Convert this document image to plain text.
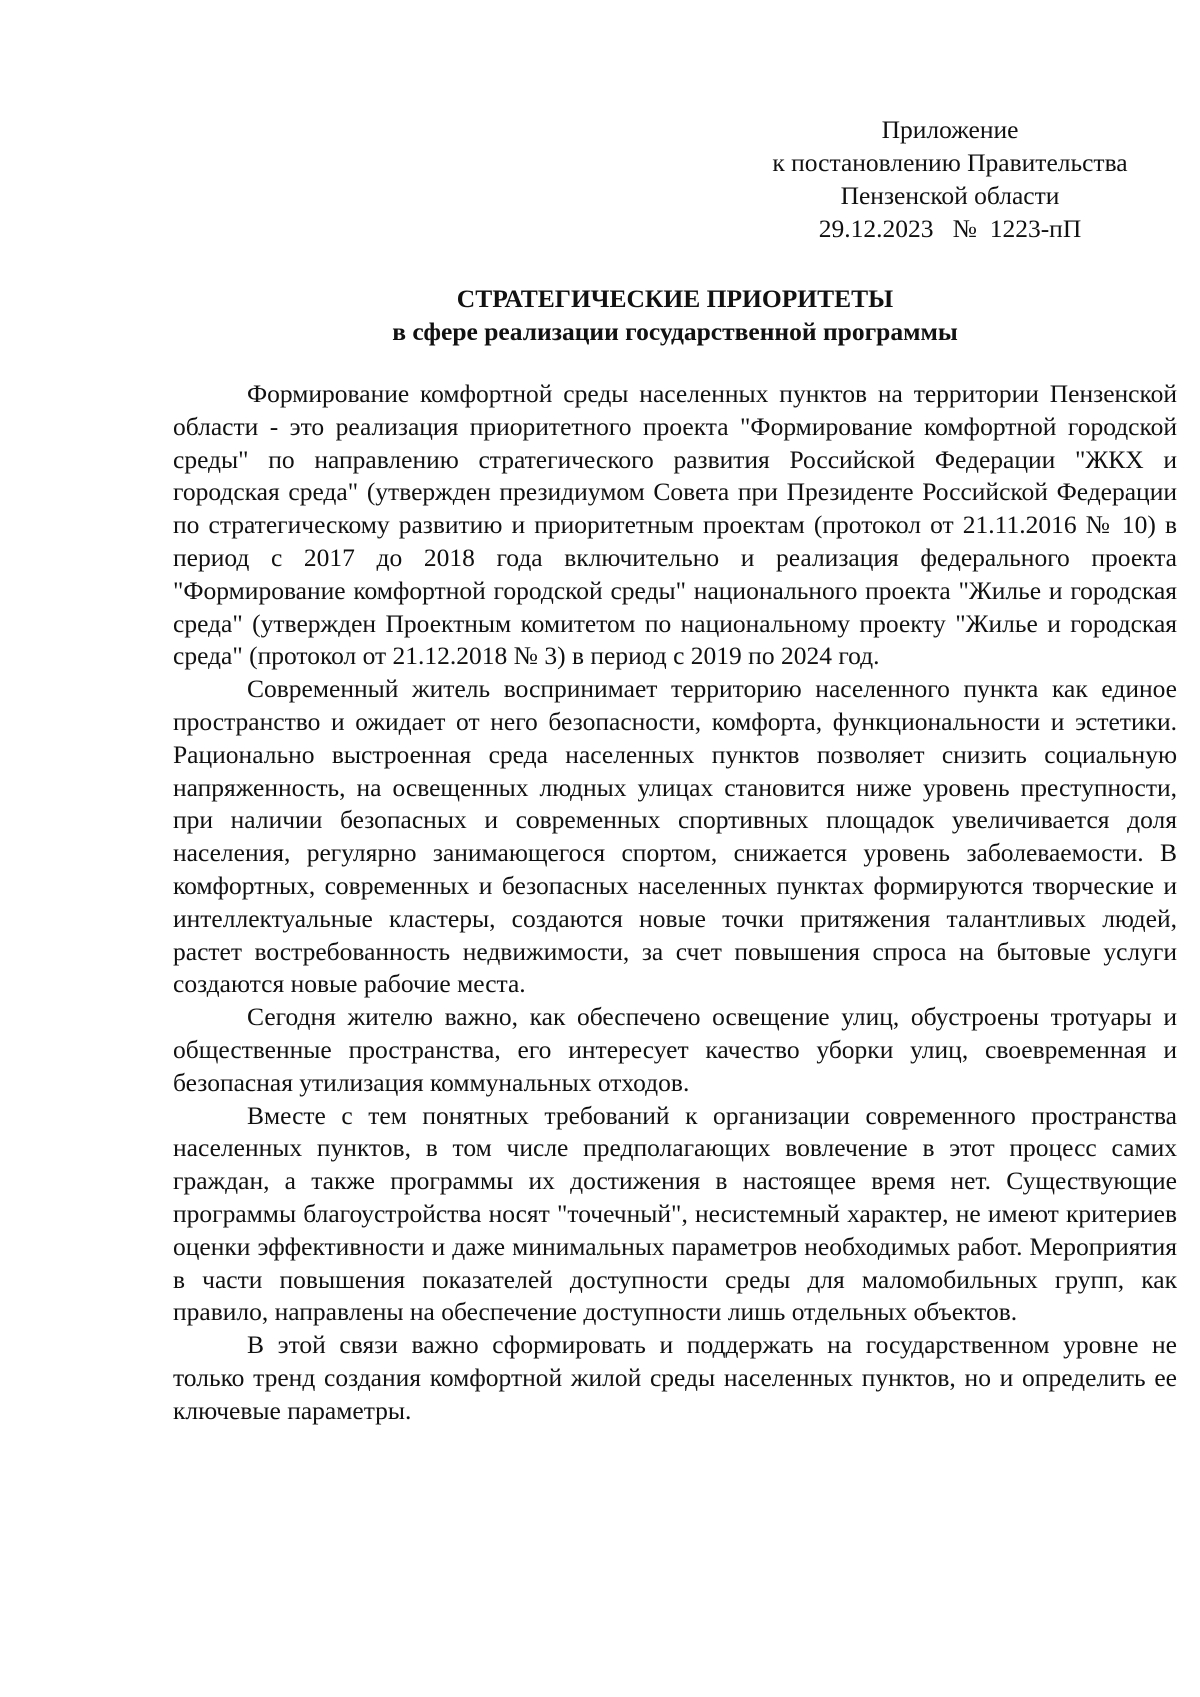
Приложение
к постановлению Правительства
Пензенской области
29.12.2023   №  1223-пП
СТРАТЕГИЧЕСКИЕ ПРИОРИТЕТЫ
в сфере реализации государственной программы

Формирование комфортной среды населенных пунктов на территории Пензенской области - это реализация приоритетного проекта "Формирование комфортной городской среды" по направлению стратегического развития Российской Федерации "ЖКХ и городская среда" (утвержден президиумом Совета при Президенте Российской Федерации по стратегическому развитию и приоритетным проектам (протокол от 21.11.2016 № 10) в период с 2017 до 2018 года включительно и реализация федерального проекта "Формирование комфортной городской среды" национального проекта "Жилье и городская среда" (утвержден Проектным комитетом по национальному проекту "Жилье и городская среда" (протокол от 21.12.2018 № 3) в период с 2019 по 2024 год.

Современный житель воспринимает территорию населенного пункта как единое пространство и ожидает от него безопасности, комфорта, функциональности и эстетики. Рационально выстроенная среда населенных пунктов позволяет снизить социальную напряженность, на освещенных людных улицах становится ниже уровень преступности, при наличии безопасных и современных спортивных площадок увеличивается доля населения, регулярно занимающегося спортом, снижается уровень заболеваемости. В комфортных, современных и безопасных населенных пунктах формируются творческие и интеллектуальные кластеры, создаются новые точки притяжения талантливых людей, растет востребованность недвижимости, за счет повышения спроса на бытовые услуги создаются новые рабочие места.

Сегодня жителю важно, как обеспечено освещение улиц, обустроены тротуары и общественные пространства, его интересует качество уборки улиц, своевременная и безопасная утилизация коммунальных отходов.

Вместе с тем понятных требований к организации современного пространства населенных пунктов, в том числе предполагающих вовлечение в этот процесс самих граждан, а также программы их достижения в настоящее время нет. Существующие программы благоустройства носят "точечный", несистемный характер, не имеют критериев оценки эффективности и даже минимальных параметров необходимых работ. Мероприятия в части повышения показателей доступности среды для маломобильных групп, как правило, направлены на обеспечение доступности лишь отдельных объектов.

В этой связи важно сформировать и поддержать на государственном уровне не только тренд создания комфортной жилой среды населенных пунктов, но и определить ее ключевые параметры.
